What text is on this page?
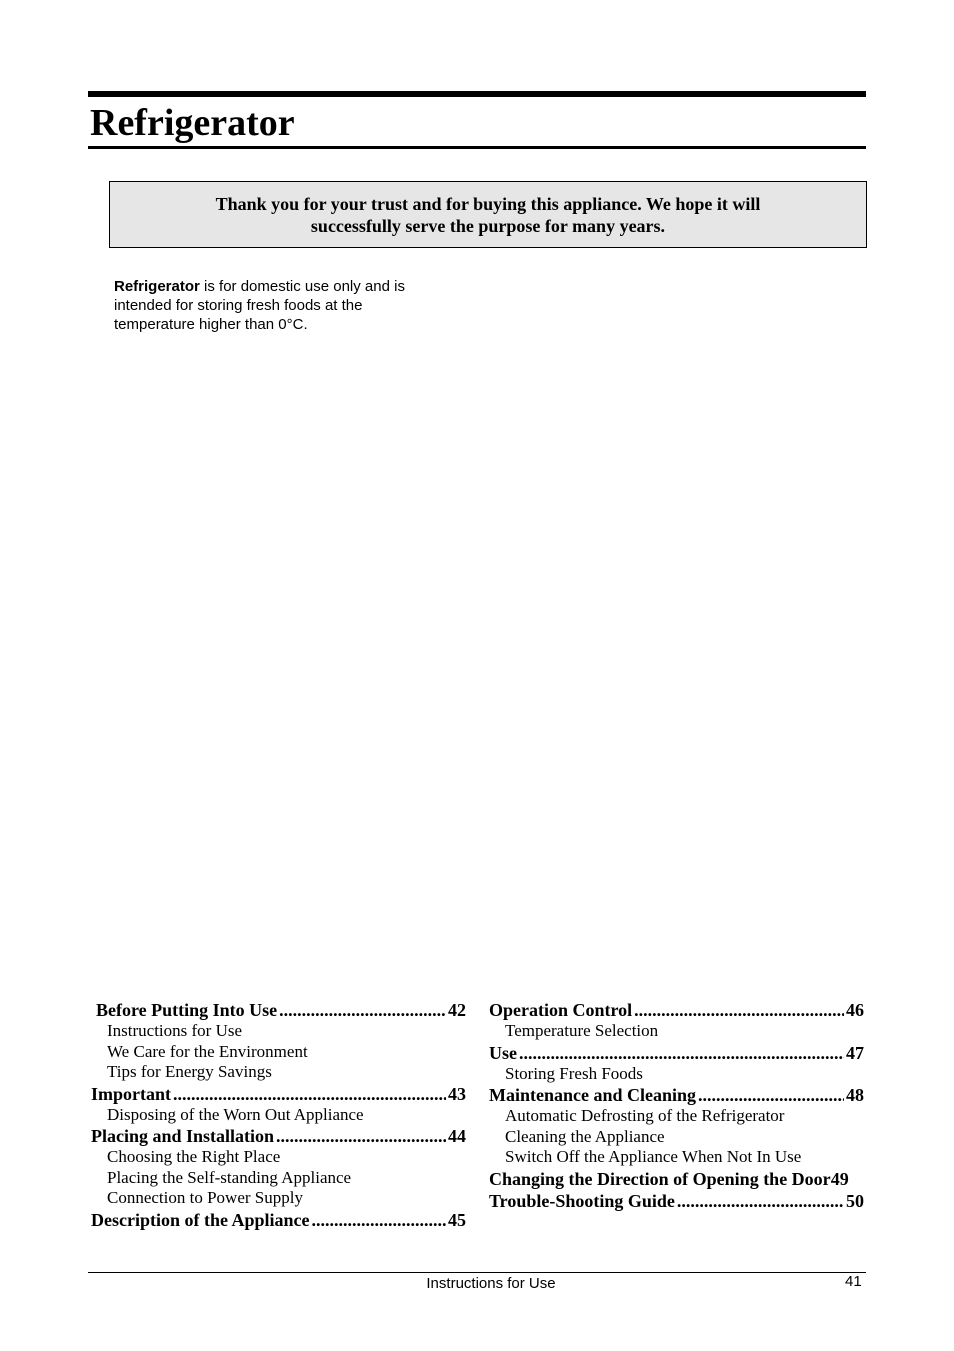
Refrigerator
Thank you for your trust and for buying this appliance. We hope it will
successfully serve the purpose for many years.
Refrigerator is for domestic use only and is intended for storing fresh foods at the temperature higher than 0°C.
Before Putting Into Use .....	42
Instructions for Use
We Care for the Environment
Tips for Energy Savings
Important .....	43
Disposing of the Worn Out Appliance
Placing and Installation .....	44
Choosing the Right Place
Placing the Self-standing Appliance
Connection to Power Supply
Description of the Appliance .....	45
Operation Control .....	46
Temperature Selection
Use .....	47
Storing Fresh Foods
Maintenance and Cleaning .....	48
Automatic Defrosting of the Refrigerator
Cleaning the Appliance
Switch Off the Appliance When Not In Use
Changing the Direction of Opening the Door 49
Trouble-Shooting Guide .....	50
Instructions for Use	41
